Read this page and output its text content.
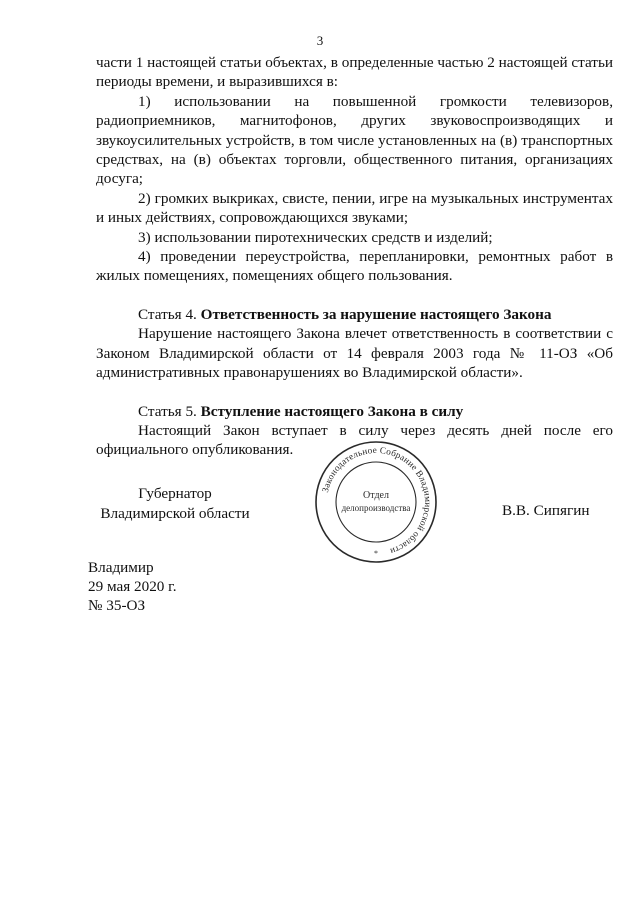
3

части 1 настоящей статьи объектах, в определенные частью 2 настоящей статьи периоды времени, и выразившихся в:

1) использовании на повышенной громкости телевизоров, радиоприемников, магнитофонов, других звуковоспроизводящих и звукоусилительных устройств, в том числе установленных на (в) транспортных средствах, на (в) объектах торговли, общественного питания, организациях досуга;

2) громких выкриках, свисте, пении, игре на музыкальных инструментах и иных действиях, сопровождающихся звуками;

3) использовании пиротехнических средств и изделий;

4) проведении переустройства, перепланировки, ремонтных работ в жилых помещениях, помещениях общего пользования.

Статья 4. Ответственность за нарушение настоящего Закона

Нарушение настоящего Закона влечет ответственность в соответствии с Законом Владимирской области от 14 февраля 2003 года № 11-ОЗ «Об административных правонарушениях во Владимирской области».

Статья 5. Вступление настоящего Закона в силу

Настоящий Закон вступает в силу через десять дней после его официального опубликования.

Губернатор
Владимирской области
Законодательное Собрание Владимирской области
Отдел
делопроизводства
*
В.В. Сипягин
Владимир
29 мая 2020 г.
№ 35-ОЗ
